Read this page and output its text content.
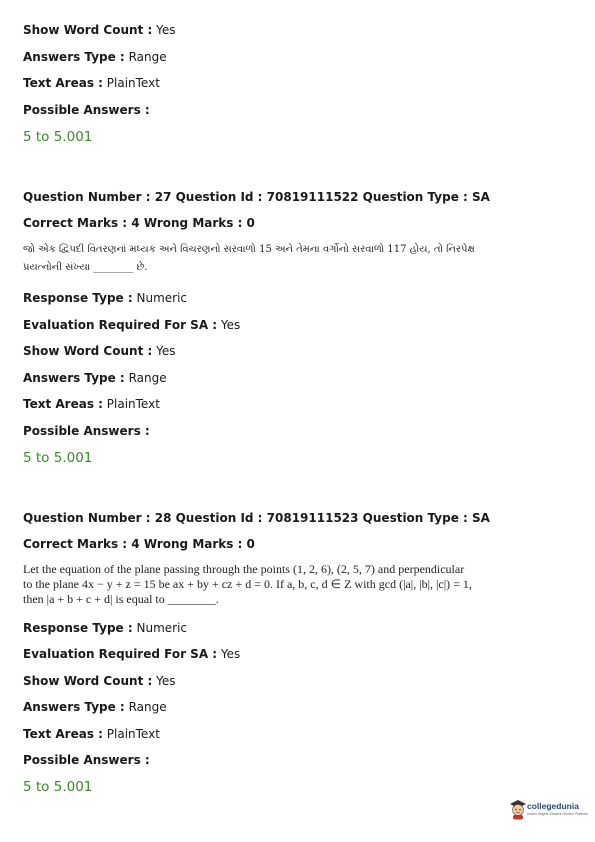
Show Word Count : Yes
Answers Type : Range
Text Areas : PlainText
Possible Answers :
5 to 5.001
Question Number : 27 Question Id : 70819111522 Question Type : SA
Correct Marks : 4 Wrong Marks : 0
જો એક દ્વિપદી વિતરણનાં મધ્યક અને વિચરણનો સરવાળો 15 અને તેમના વર્ગોનો સરવાળો 117 હોય, તો નિરપેક્ષ
પ્રયત્નોની સંખ્યા ________ છે.
Response Type : Numeric
Evaluation Required For SA : Yes
Show Word Count : Yes
Answers Type : Range
Text Areas : PlainText
Possible Answers :
5 to 5.001
Question Number : 28 Question Id : 70819111523 Question Type : SA
Correct Marks : 4 Wrong Marks : 0
Let the equation of the plane passing through the points (1, 2, 6), (2, 5, 7) and perpendicular
to the plane 4x − y + z = 15 be ax + by + cz + d = 0. If a, b, c, d ∈ Z with gcd (|a|, |b|, |c|) = 1,
then |a + b + c + d| is equal to ________.
Response Type : Numeric
Evaluation Required For SA : Yes
Show Word Count : Yes
Answers Type : Range
Text Areas : PlainText
Possible Answers :
5 to 5.001
collegedunia
India's largest Student Review Platform
